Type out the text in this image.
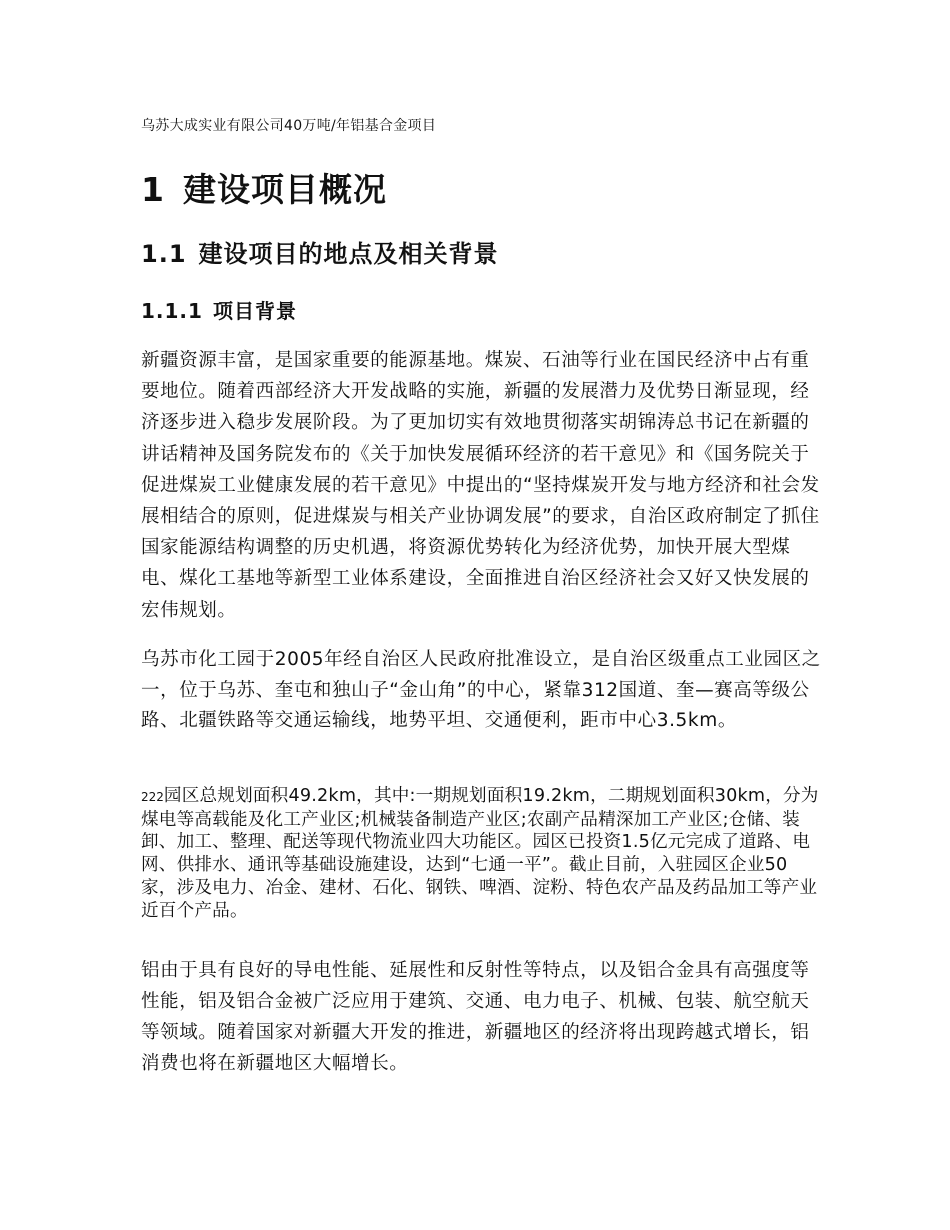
乌苏大成实业有限公司40万吨/年铝基合金项目
1 建设项目概况
1.1 建设项目的地点及相关背景
1.1.1 项目背景
新疆资源丰富，是国家重要的能源基地。煤炭、石油等行业在国民经济中占有重要地位。随着西部经济大开发战略的实施，新疆的发展潜力及优势日渐显现，经济逐步进入稳步发展阶段。为了更加切实有效地贯彻落实胡锦涛总书记在新疆的讲话精神及国务院发布的《关于加快发展循环经济的若干意见》和《国务院关于促进煤炭工业健康发展的若干意见》中提出的“坚持煤炭开发与地方经济和社会发展相结合的原则，促进煤炭与相关产业协调发展”的要求，自治区政府制定了抓住国家能源结构调整的历史机遇，将资源优势转化为经济优势，加快开展大型煤电、煤化工基地等新型工业体系建设，全面推进自治区经济社会又好又快发展的宏伟规划。
乌苏市化工园于2005年经自治区人民政府批准设立，是自治区级重点工业园区之一，位于乌苏、奎屯和独山子“金山角”的中心，紧靠312国道、奎—赛高等级公路、北疆铁路等交通运输线，地势平坦、交通便利，距市中心3.5km。
222园区总规划面积49.2km，其中:一期规划面积19.2km，二期规划面积30km，分为煤电等高载能及化工产业区;机械装备制造产业区;农副产品精深加工产业区;仓储、装卸、加工、整理、配送等现代物流业四大功能区。园区已投资1.5亿元完成了道路、电网、供排水、通讯等基础设施建设，达到“七通一平”。截止目前，入驻园区企业50家，涉及电力、冶金、建材、石化、钢铁、啤酒、淀粉、特色农产品及药品加工等产业近百个产品。
铝由于具有良好的导电性能、延展性和反射性等特点，以及铝合金具有高强度等性能，铝及铝合金被广泛应用于建筑、交通、电力电子、机械、包装、航空航天等领域。随着国家对新疆大开发的推进，新疆地区的经济将出现跨越式增长，铝消费也将在新疆地区大幅增长。
